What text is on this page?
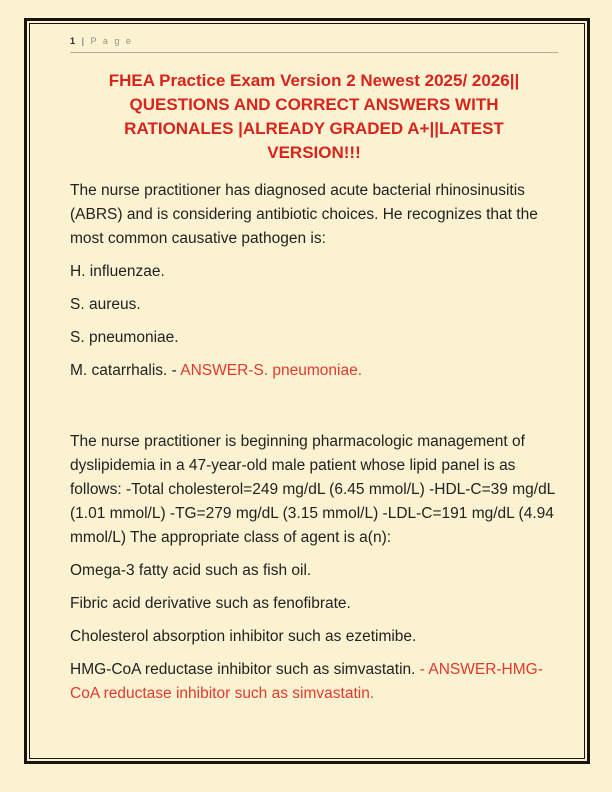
1 | P a g e
FHEA Practice Exam Version 2 Newest 2025/ 2026|| QUESTIONS AND CORRECT ANSWERS WITH RATIONALES |ALREADY GRADED A+||LATEST VERSION!!!

The nurse practitioner has diagnosed acute bacterial rhinosinusitis (ABRS) and is considering antibiotic choices. He recognizes that the most common causative pathogen is:

H. influenzae.

S. aureus.

S. pneumoniae.

M. catarrhalis. - ANSWER-S. pneumoniae.

The nurse practitioner is beginning pharmacologic management of dyslipidemia in a 47-year-old male patient whose lipid panel is as follows: -Total cholesterol=249 mg/dL (6.45 mmol/L) -HDL-C=39 mg/dL (1.01 mmol/L) -TG=279 mg/dL (3.15 mmol/L) -LDL-C=191 mg/dL (4.94 mmol/L) The appropriate class of agent is a(n):

Omega-3 fatty acid such as fish oil.

Fibric acid derivative such as fenofibrate.

Cholesterol absorption inhibitor such as ezetimibe.

HMG-CoA reductase inhibitor such as simvastatin. - ANSWER-HMG-CoA reductase inhibitor such as simvastatin.
